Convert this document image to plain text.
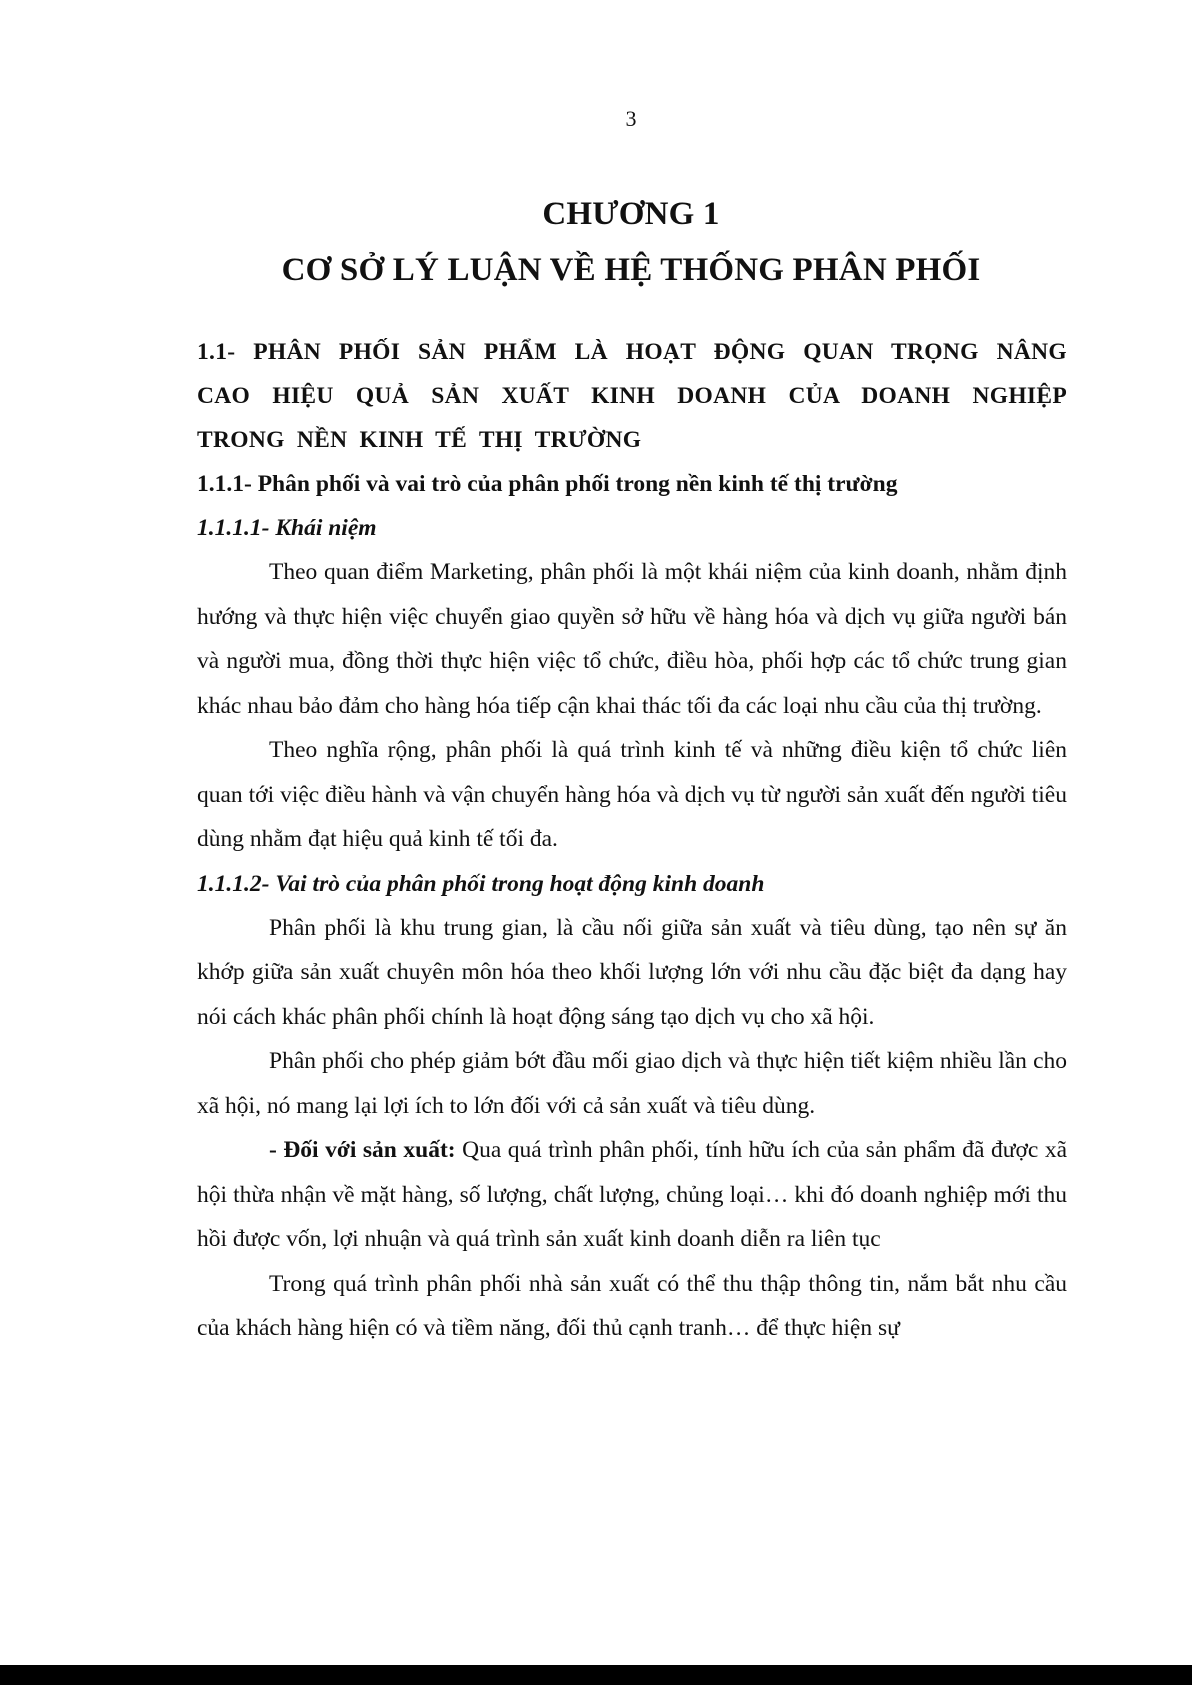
3
CHƯƠNG 1
CƠ SỞ LÝ LUẬN VỀ HỆ THỐNG PHÂN PHỐI

1.1- PHÂN PHỐI SẢN PHẨM LÀ HOẠT ĐỘNG QUAN TRỌNG NÂNG CAO HIỆU QUẢ SẢN XUẤT KINH DOANH CỦA DOANH NGHIỆP TRONG NỀN KINH TẾ THỊ TRƯỜNG

1.1.1- Phân phối và vai trò của phân phối trong nền kinh tế thị trường

1.1.1.1- Khái niệm

Theo quan điểm Marketing, phân phối là một khái niệm của kinh doanh, nhằm định hướng và thực hiện việc chuyển giao quyền sở hữu về hàng hóa và dịch vụ giữa người bán và người mua, đồng thời thực hiện việc tổ chức, điều hòa, phối hợp các tổ chức trung gian khác nhau bảo đảm cho hàng hóa tiếp cận khai thác tối đa các loại nhu cầu của thị trường.

Theo nghĩa rộng, phân phối là quá trình kinh tế và những điều kiện tổ chức liên quan tới việc điều hành và vận chuyển hàng hóa và dịch vụ từ người sản xuất đến người tiêu dùng nhằm đạt hiệu quả kinh tế tối đa.

1.1.1.2- Vai trò của phân phối trong hoạt động kinh doanh

Phân phối là khu trung gian, là cầu nối giữa sản xuất và tiêu dùng, tạo nên sự ăn khớp giữa sản xuất chuyên môn hóa theo khối lượng lớn với nhu cầu đặc biệt đa dạng hay nói cách khác phân phối chính là hoạt động sáng tạo dịch vụ cho xã hội.

Phân phối cho phép giảm bớt đầu mối giao dịch và thực hiện tiết kiệm nhiều lần cho xã hội, nó mang lại lợi ích to lớn đối với cả sản xuất và tiêu dùng.

- Đối với sản xuất: Qua quá trình phân phối, tính hữu ích của sản phẩm đã được xã hội thừa nhận về mặt hàng, số lượng, chất lượng, chủng loại… khi đó doanh nghiệp mới thu hồi được vốn, lợi nhuận và quá trình sản xuất kinh doanh diễn ra liên tục

Trong quá trình phân phối nhà sản xuất có thể thu thập thông tin, nắm bắt nhu cầu của khách hàng hiện có và tiềm năng, đối thủ cạnh tranh… để thực hiện sự
